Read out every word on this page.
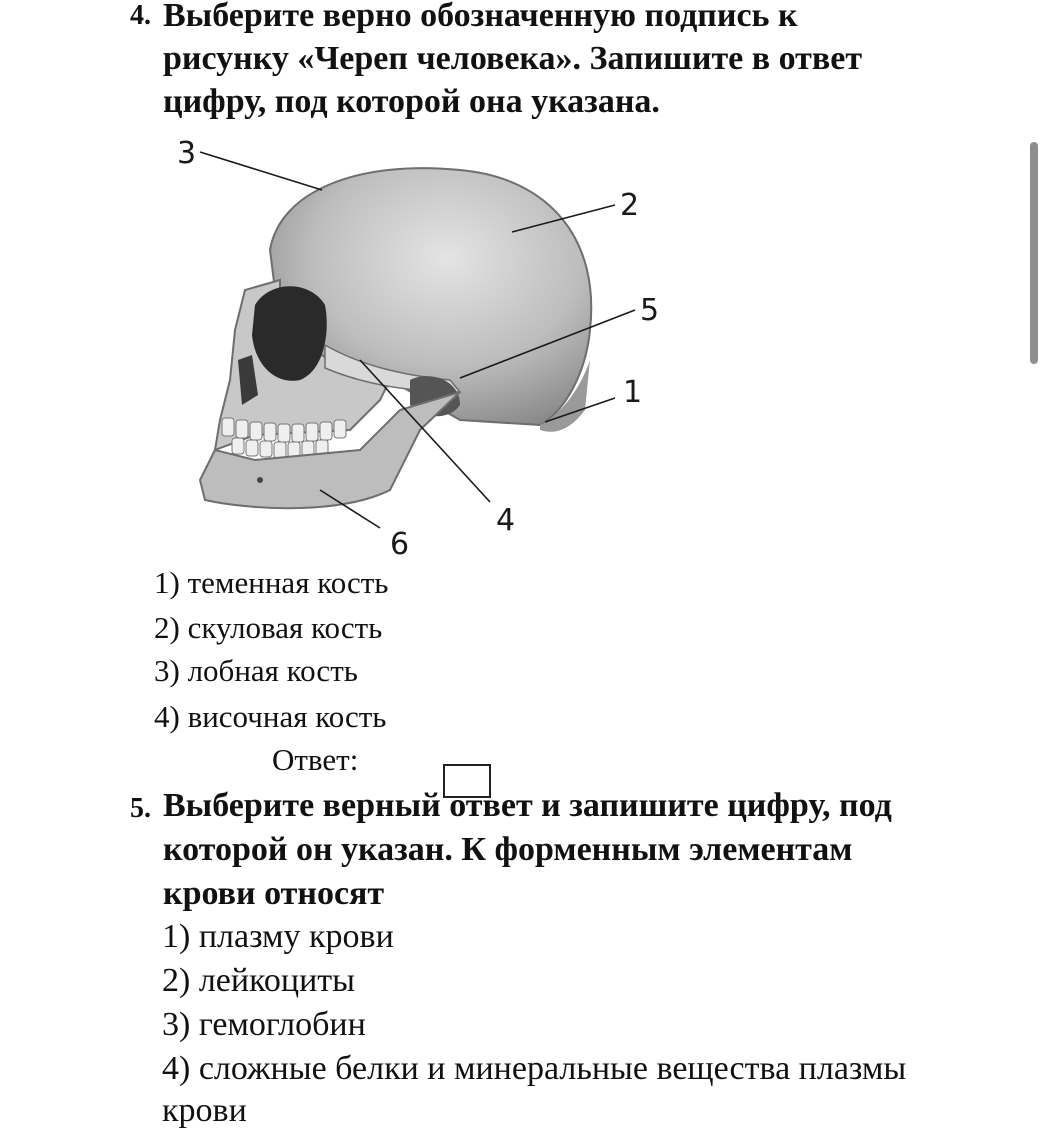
4. Выберите верно обозначенную подпись к
рисунку «Череп человека». Запишите в ответ
цифру, под которой она указана.
3
2
5
1
4
6
1) теменная кость
2) скуловая кость
3) лобная кость
4) височная кость
Ответ:
5. Выберите верный ответ и запишите цифру, под
которой он указан. К форменным элементам
крови относят
1) плазму крови
2) лейкоциты
3) гемоглобин
4) сложные белки и минеральные вещества плазмы
крови
